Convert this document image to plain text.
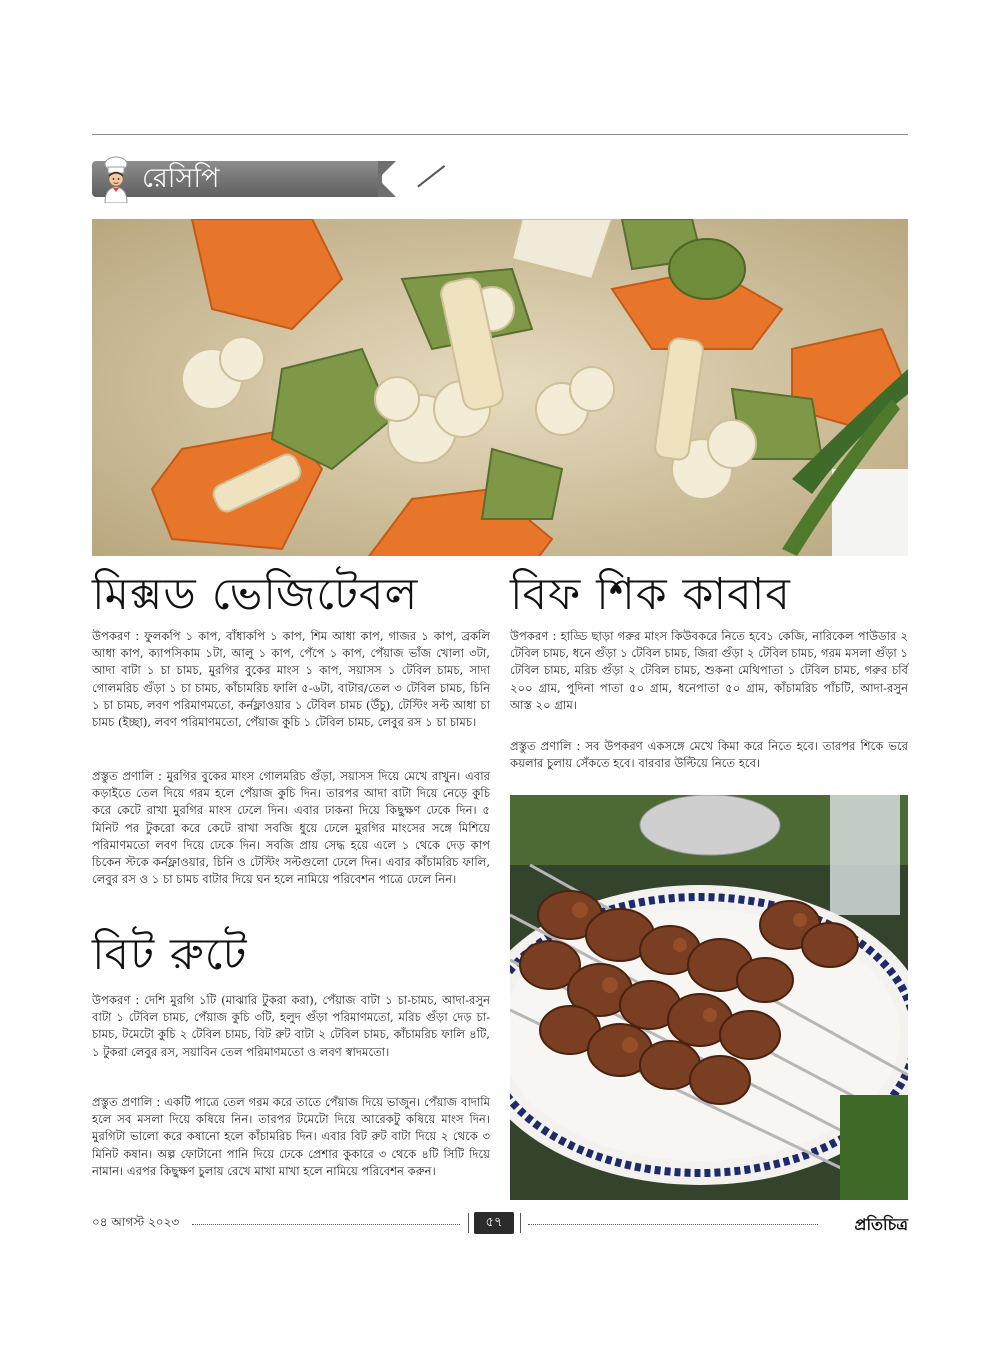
রেসিপি
মিক্সড ভেজিটেবল
উপকরণ : ফুলকপি ১ কাপ, বাঁধাকপি ১ কাপ, শিম আধা কাপ, গাজর ১ কাপ, ব্রকলি আধা কাপ, ক্যাপসিকাম ১টা, আলু ১ কাপ, পেঁপে ১ কাপ, পেঁয়াজ ভাঁজ খোলা ৩টা, আদা বাটা ১ চা চামচ, মুরগির বুকের মাংস ১ কাপ, সয়াসস ১ টেবিল চামচ, সাদা গোলমরিচ গুঁড়া ১ চা চামচ, কাঁচামরিচ ফালি ৫-৬টা, বাটার/তেল ৩ টেবিল চামচ, চিনি ১ চা চামচ, লবণ পরিমাণমতো, কর্নফ্লাওয়ার ১ টেবিল চামচ (উঁচু), টেস্টিং সল্ট আধা চা চামচ (ইচ্ছা), লবণ পরিমাণমতো, পেঁয়াজ কুচি ১ টেবিল চামচ, লেবুর রস ১ চা চামচ।
প্রস্তুত প্রণালি : মুরগির বুকের মাংস গোলমরিচ গুঁড়া, সয়াসস দিয়ে মেখে রাখুন। এবার কড়াইতে তেল দিয়ে গরম হলে পেঁয়াজ কুচি দিন। তারপর আদা বাটা দিয়ে নেড়ে কুচি করে কেটে রাখা মুরগির মাংস ঢেলে দিন। এবার ঢাকনা দিয়ে কিছুক্ষণ ঢেকে দিন। ৫ মিনিট পর টুকরো করে কেটে রাখা সবজি ধুয়ে ঢেলে মুরগির মাংসের সঙ্গে মিশিয়ে পরিমাণমতো লবণ দিয়ে ঢেকে দিন। সবজি প্রায় সেদ্ধ হয়ে এলে ১ থেকে দেড় কাপ চিকেন স্টকে কর্নফ্লাওয়ার, চিনি ও টেস্টিং সল্টগুলো ঢেলে দিন। এবার কাঁচামরিচ ফালি, লেবুর রস ও ১ চা চামচ বাটার দিয়ে ঘন হলে নামিয়ে পরিবেশন পাত্রে ঢেলে নিন।
বিট রুটে
উপকরণ : দেশি মুরগি ১টি (মাঝারি টুকরা করা), পেঁয়াজ বাটা ১ চা-চামচ, আদা-রসুন বাটা ১ টেবিল চামচ, পেঁয়াজ কুচি ৩টি, হলুদ গুঁড়া পরিমাণমতো, মরিচ গুঁড়া দেড় চা-চামচ, টমেটো কুচি ২ টেবিল চামচ, বিট রুট বাটা ২ টেবিল চামচ, কাঁচামরিচ ফালি ৪টি, ১ টুকরা লেবুর রস, সয়াবিন তেল পরিমাণমতো ও লবণ স্বাদমতো।
প্রস্তুত প্রণালি : একটি পাত্রে তেল গরম করে তাতে পেঁয়াজ দিয়ে ভাজুন। পেঁয়াজ বাদামি হলে সব মসলা দিয়ে কষিয়ে নিন। তারপর টমেটো দিয়ে আরেকটু কষিয়ে মাংস দিন। মুরগিটা ভালো করে কষানো হলে কাঁচামরিচ দিন। এবার বিট রুট বাটা দিয়ে ২ থেকে ৩ মিনিট কষান। অল্প ফোটানো পানি দিয়ে ঢেকে প্রেশার কুকারে ৩ থেকে ৪টি সিটি দিয়ে নামান। এরপর কিছুক্ষণ চুলায় রেখে মাখা মাখা হলে নামিয়ে পরিবেশন করুন।
বিফ শিক কাবাব
উপকরণ : হাড্ডি ছাড়া গরুর মাংস কিউবকরে নিতে হবে১ কেজি, নারিকেল পাউডার ২ টেবিল চামচ, ধনে গুঁড়া ১ টেবিল চামচ, জিরা গুঁড়া ২ টেবিল চামচ, গরম মসলা গুঁড়া ১ টেবিল চামচ, মরিচ গুঁড়া ২ টেবিল চামচ, শুকনা মেথিপাতা ১ টেবিল চামচ, গরুর চর্বি ২০০ গ্রাম, পুদিনা পাতা ৫০ গ্রাম, ধনেপাতা ৫০ গ্রাম, কাঁচামরিচ পাঁচটি, আদা-রসুন আস্ত ২০ গ্রাম।
প্রস্তুত প্রণালি : সব উপকরণ একসঙ্গে মেখে কিমা করে নিতে হবে। তারপর শিকে ভরে কয়লার চুলায় সেঁকতে হবে। বারবার উল্টিয়ে নিতে হবে।
০৪ আগস্ট ২০২৩	৫৭	প্রতিচিত্র
